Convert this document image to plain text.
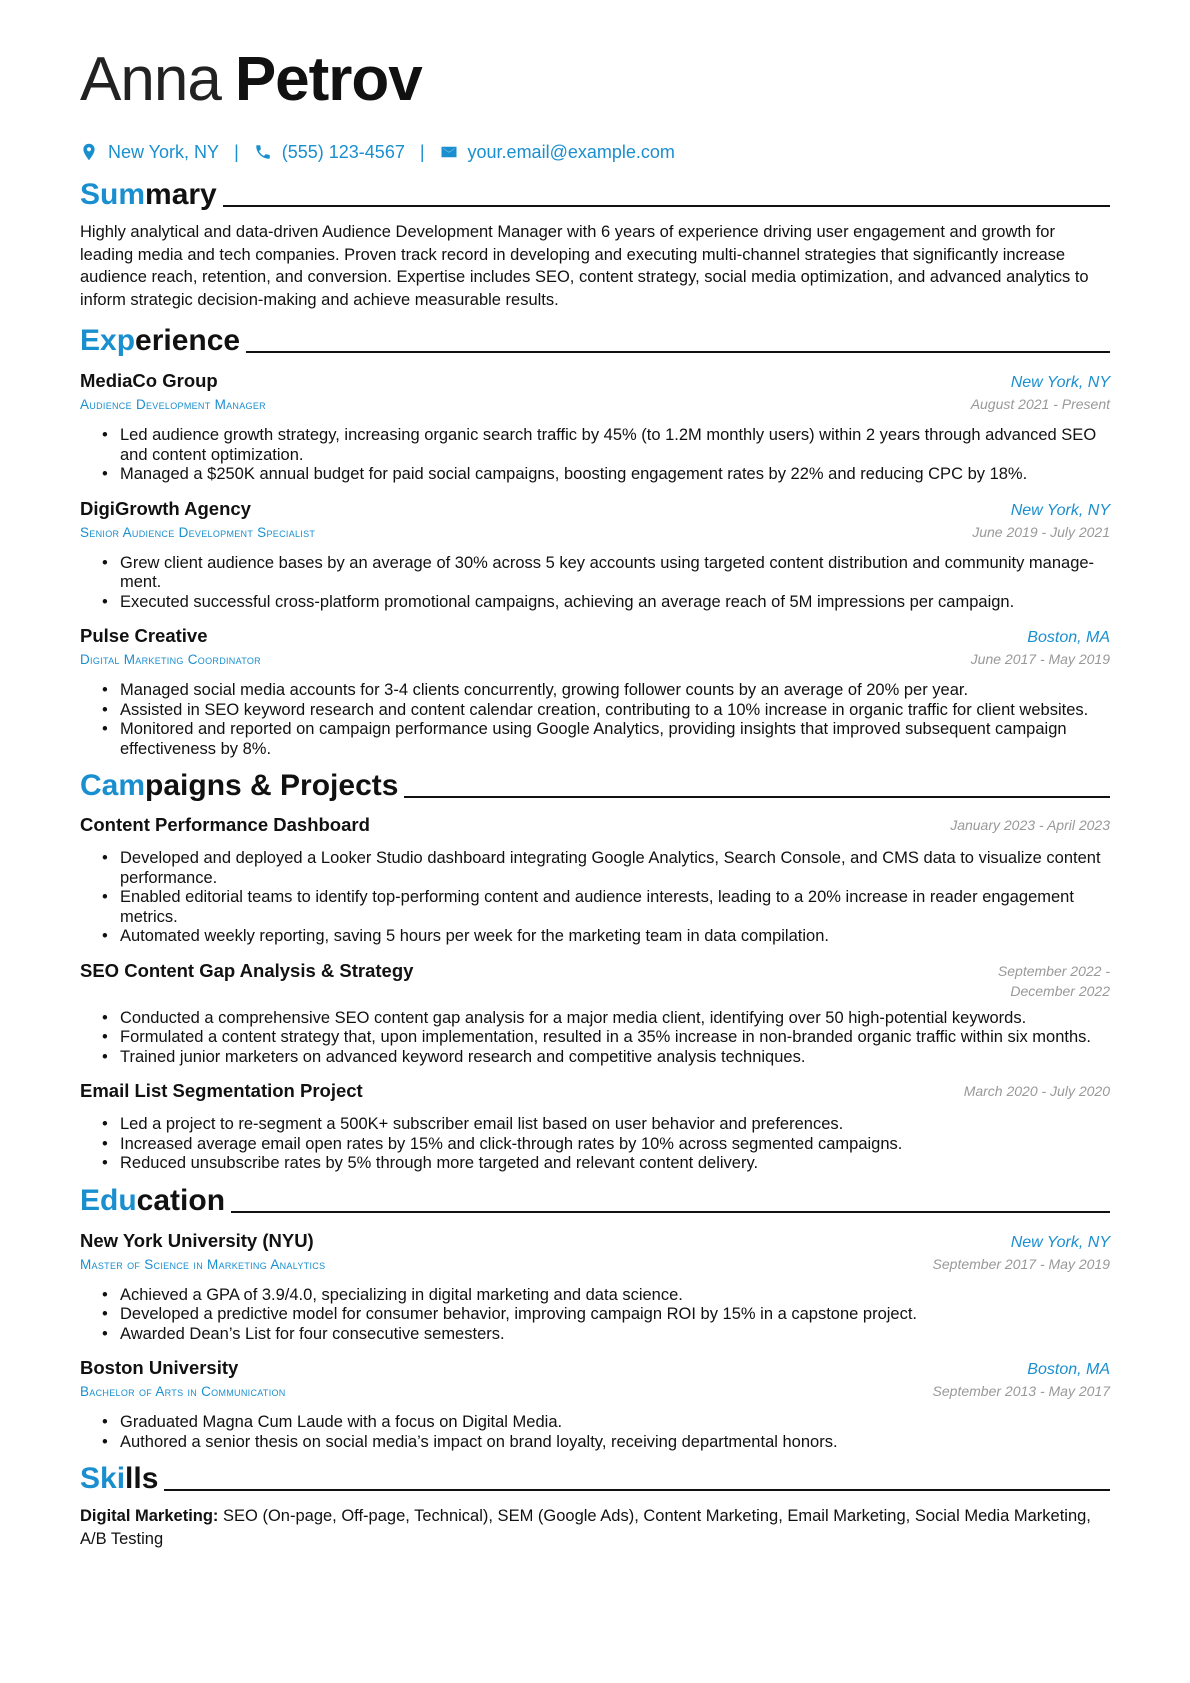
Anna Petrov
New York, NY | (555) 123-4567 | your.email@example.com
Summary

Highly analytical and data-driven Audience Development Manager with 6 years of experience driving user engagement and growth for leading media and tech companies. Proven track record in developing and executing multi-channel strategies that significantly increase audience reach, retention, and conversion. Expertise includes SEO, content strategy, social media optimization, and advanced analytics to inform strategic decision-making and achieve measurable results.

Experience
MediaCo Group	New York, NY
Audience Development Manager	August 2021 - Present
• Led audience growth strategy, increasing organic search traffic by 45% (to 1.2M monthly users) within 2 years through advanced SEO and content optimization.
• Managed a $250K annual budget for paid social campaigns, boosting engagement rates by 22% and reducing CPC by 18%.
DigiGrowth Agency	New York, NY
Senior Audience Development Specialist	June 2019 - July 2021
• Grew client audience bases by an average of 30% across 5 key accounts using targeted content distribution and community manage-ment.
• Executed successful cross-platform promotional campaigns, achieving an average reach of 5M impressions per campaign.
Pulse Creative	Boston, MA
Digital Marketing Coordinator	June 2017 - May 2019
• Managed social media accounts for 3-4 clients concurrently, growing follower counts by an average of 20% per year.
• Assisted in SEO keyword research and content calendar creation, contributing to a 10% increase in organic traffic for client websites.
• Monitored and reported on campaign performance using Google Analytics, providing insights that improved subsequent campaign effectiveness by 8%.
Campaigns & Projects
Content Performance Dashboard	January 2023 - April 2023
• Developed and deployed a Looker Studio dashboard integrating Google Analytics, Search Console, and CMS data to visualize content performance.
• Enabled editorial teams to identify top-performing content and audience interests, leading to a 20% increase in reader engagement metrics.
• Automated weekly reporting, saving 5 hours per week for the marketing team in data compilation.
SEO Content Gap Analysis & Strategy	September 2022 - December 2022
• Conducted a comprehensive SEO content gap analysis for a major media client, identifying over 50 high-potential keywords.
• Formulated a content strategy that, upon implementation, resulted in a 35% increase in non-branded organic traffic within six months.
• Trained junior marketers on advanced keyword research and competitive analysis techniques.
Email List Segmentation Project	March 2020 - July 2020
• Led a project to re-segment a 500K+ subscriber email list based on user behavior and preferences.
• Increased average email open rates by 15% and click-through rates by 10% across segmented campaigns.
• Reduced unsubscribe rates by 5% through more targeted and relevant content delivery.
Education
New York University (NYU)	New York, NY
Master of Science in Marketing Analytics	September 2017 - May 2019
• Achieved a GPA of 3.9/4.0, specializing in digital marketing and data science.
• Developed a predictive model for consumer behavior, improving campaign ROI by 15% in a capstone project.
• Awarded Dean’s List for four consecutive semesters.
Boston University	Boston, MA
Bachelor of Arts in Communication	September 2013 - May 2017
• Graduated Magna Cum Laude with a focus on Digital Media.
• Authored a senior thesis on social media’s impact on brand loyalty, receiving departmental honors.
Skills

Digital Marketing: SEO (On-page, Off-page, Technical), SEM (Google Ads), Content Marketing, Email Marketing, Social Media Marketing, A/B Testing
